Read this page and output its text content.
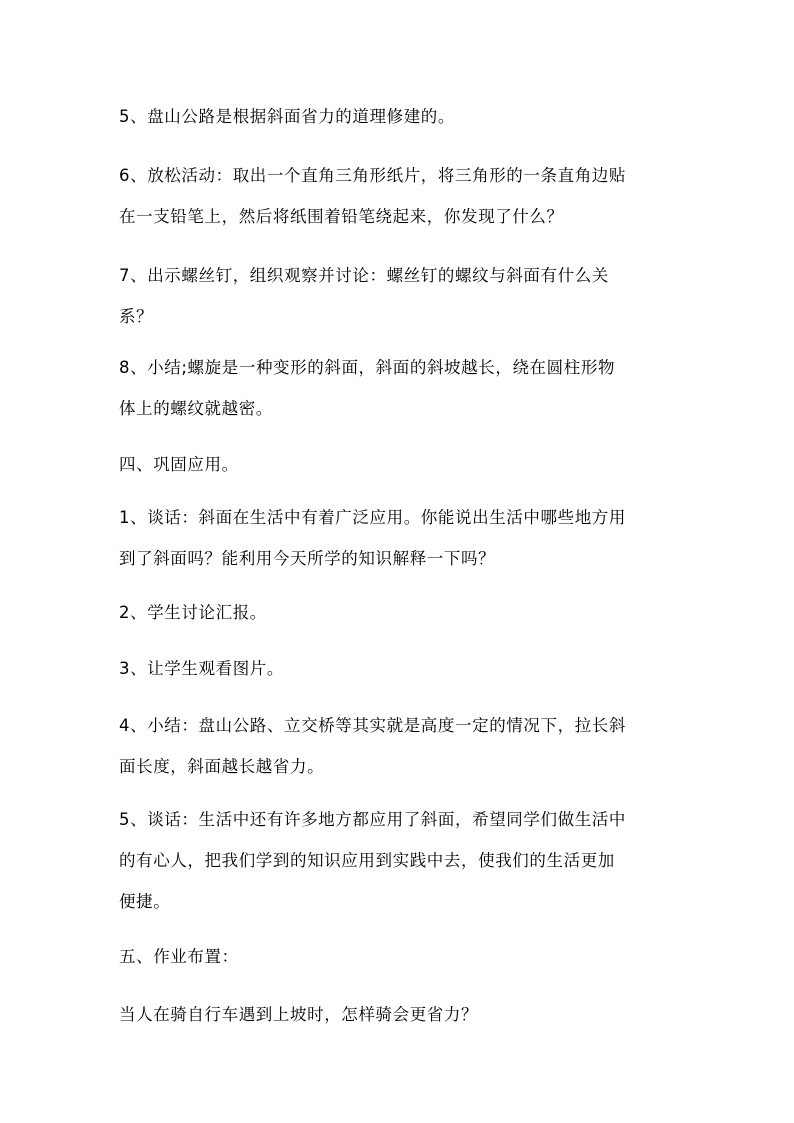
5、盘山公路是根据斜面省力的道理修建的。

6、放松活动：取出一个直角三角形纸片，将三角形的一条直角边贴
在一支铅笔上，然后将纸围着铅笔绕起来，你发现了什么？

7、出示螺丝钉，组织观察并讨论：螺丝钉的螺纹与斜面有什么关
系？

8、小结;螺旋是一种变形的斜面，斜面的斜坡越长，绕在圆柱形物
体上的螺纹就越密。

四、巩固应用。

1、谈话：斜面在生活中有着广泛应用。你能说出生活中哪些地方用
到了斜面吗？能利用今天所学的知识解释一下吗？

2、学生讨论汇报。

3、让学生观看图片。

4、小结：盘山公路、立交桥等其实就是高度一定的情况下，拉长斜
面长度，斜面越长越省力。

5、谈话：生活中还有许多地方都应用了斜面，希望同学们做生活中
的有心人，把我们学到的知识应用到实践中去，使我们的生活更加
便捷。

五、作业布置：

当人在骑自行车遇到上坡时，怎样骑会更省力？
